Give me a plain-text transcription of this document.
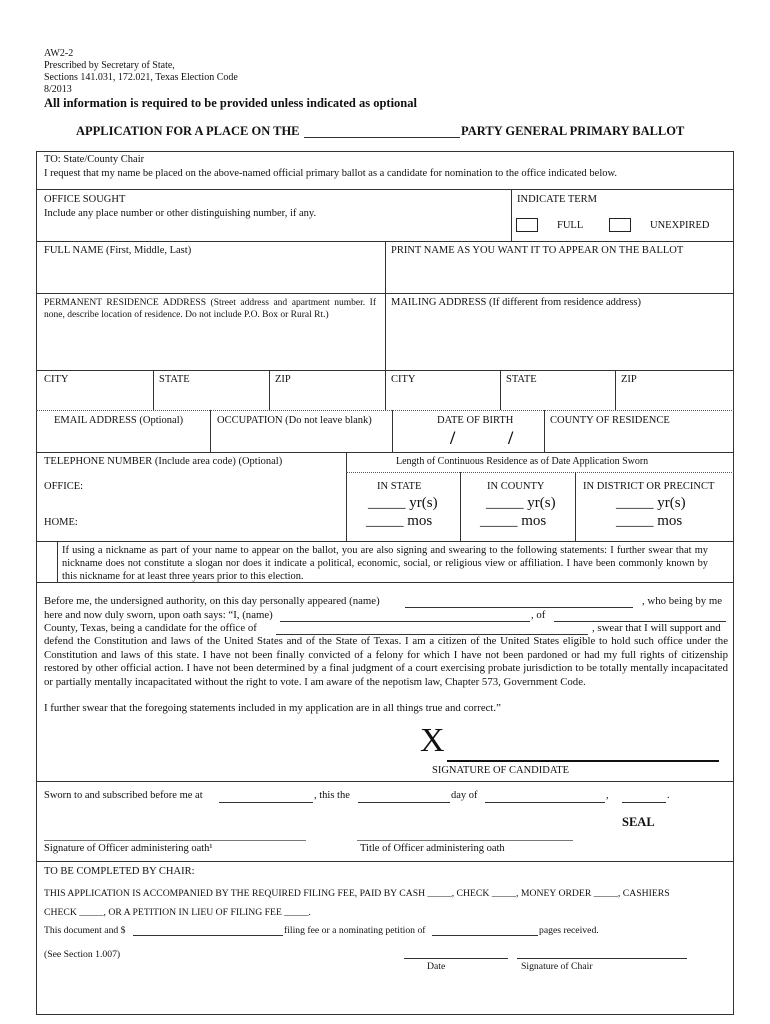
AW2-2
Prescribed by Secretary of State,
Sections 141.031, 172.021, Texas Election Code
8/2013
All information is required to be provided unless indicated as optional
APPLICATION FOR A PLACE ON THE	PARTY GENERAL PRIMARY BALLOT
TO: State/County Chair
I request that my name be placed on the above-named official primary ballot as a candidate for nomination to the office indicated below.
OFFICE SOUGHT
Include any place number or other distinguishing number, if any.
INDICATE TERM
FULL	UNEXPIRED
FULL NAME (First, Middle, Last)	PRINT NAME AS YOU WANT IT TO APPEAR ON THE BALLOT
PERMANENT RESIDENCE ADDRESS (Street address and apartment number. If none, describe location of residence. Do not include P.O. Box or Rural Rt.)
MAILING ADDRESS (If different from residence address)
CITY	STATE	ZIP	CITY	STATE	ZIP
EMAIL ADDRESS (Optional)	OCCUPATION (Do not leave blank)	DATE OF BIRTH
/ /
COUNTY OF RESIDENCE
TELEPHONE NUMBER (Include area code) (Optional)
OFFICE:
HOME:
Length of Continuous Residence as of Date Application Sworn
IN STATE
_____ yr(s)
_____ mos
IN COUNTY
_____ yr(s)
_____ mos
IN DISTRICT OR PRECINCT
_____ yr(s)
_____ mos
If using a nickname as part of your name to appear on the ballot, you are also signing and swearing to the following statements: I further swear that my nickname does not constitute a slogan nor does it indicate a political, economic, social, or religious view or affiliation. I have been commonly known by this nickname for at least three years prior to this election.
Before me, the undersigned authority, on this day personally appeared (name)	, who being by me
here and now duly sworn, upon oath says: “I, (name)	, of
County, Texas, being a candidate for the office of	, swear that I will support and
defend the Constitution and laws of the United States and of the State of Texas. I am a citizen of the United States eligible to hold such office under the Constitution and laws of this state. I have not been finally convicted of a felony for which I have not been pardoned or had my full rights of citizenship restored by other official action. I have not been determined by a final judgment of a court exercising probate jurisdiction to be totally mentally incapacitated or partially mentally incapacitated without the right to vote. I am aware of the nepotism law, Chapter 573, Government Code.
I further swear that the foregoing statements included in my application are in all things true and correct.”
X
SIGNATURE OF CANDIDATE
Sworn to and subscribed before me at	, this the	day of	,	.
SEAL
Signature of Officer administering oath¹	Title of Officer administering oath
TO BE COMPLETED BY CHAIR:
THIS APPLICATION IS ACCOMPANIED BY THE REQUIRED FILING FEE, PAID BY CASH _____, CHECK _____, MONEY ORDER _____, CASHIERS
CHECK _____, OR A PETITION IN LIEU OF FILING FEE _____.
This document and $	filing fee or a nominating petition of	pages received.
(See Section 1.007)
Date	Signature of Chair
